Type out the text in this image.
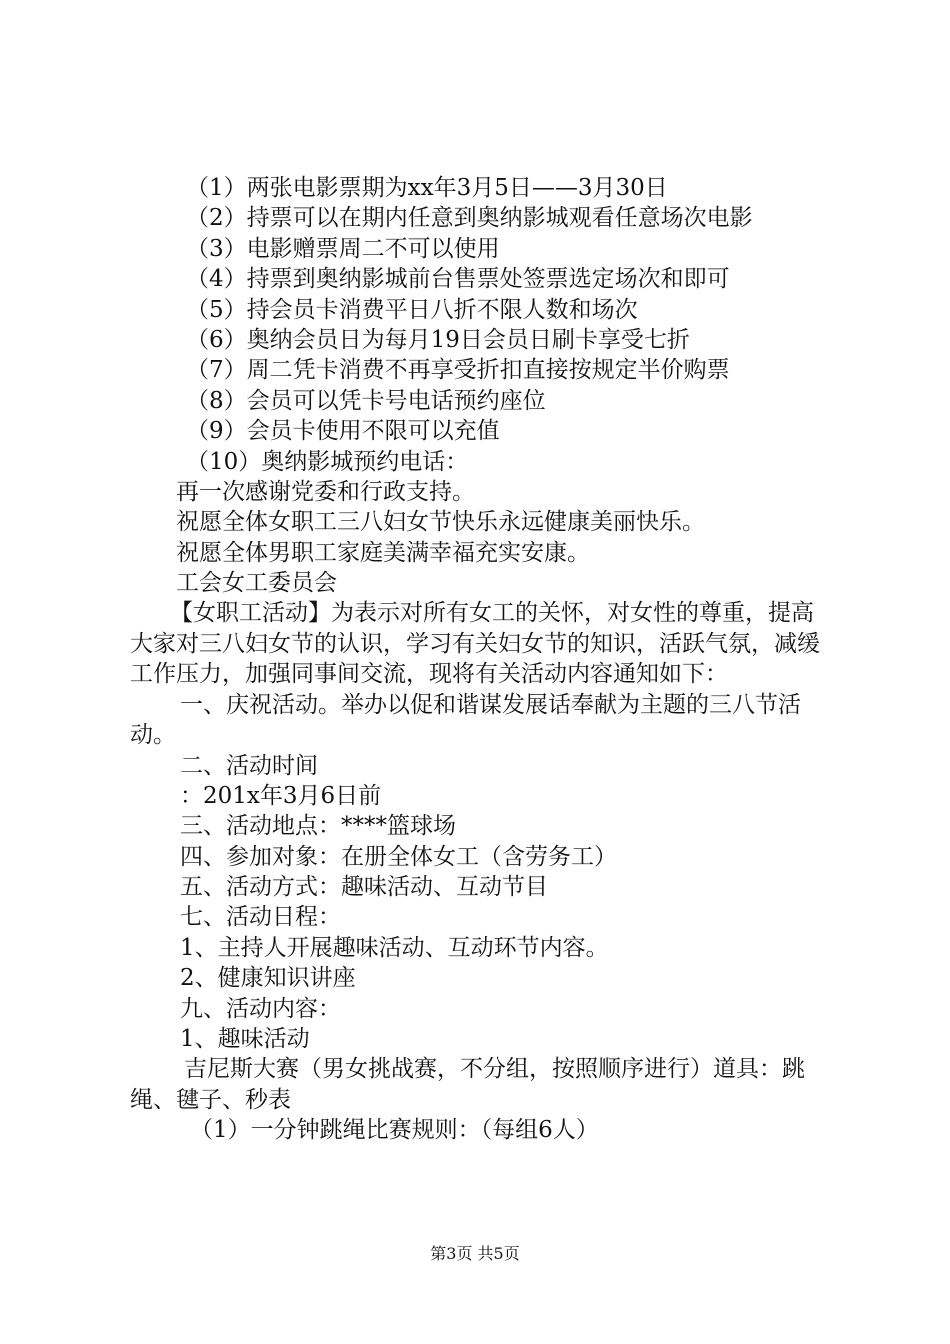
（1）两张电影票期为xx年3月5日——3月30日
（2）持票可以在期内任意到奥纳影城观看任意场次电影
（3）电影赠票周二不可以使用
（4）持票到奥纳影城前台售票处签票选定场次和即可
（5）持会员卡消费平日八折不限人数和场次
（6）奥纳会员日为每月19日会员日刷卡享受七折
（7）周二凭卡消费不再享受折扣直接按规定半价购票
（8）会员可以凭卡号电话预约座位
（9）会员卡使用不限可以充值
（10）奥纳影城预约电话：
再一次感谢党委和行政支持。
祝愿全体女职工三八妇女节快乐永远健康美丽快乐。
祝愿全体男职工家庭美满幸福充实安康。
工会女工委员会
【女职工活动】为表示对所有女工的关怀，对女性的尊重，提高大家对三八妇女节的认识，学习有关妇女节的知识，活跃气氛，减缓工作压力，加强同事间交流，现将有关活动内容通知如下：
一、庆祝活动。举办以促和谐谋发展话奉献为主题的三八节活动。
二、活动时间
：201x年3月6日前
三、活动地点：****篮球场
四、参加对象：在册全体女工（含劳务工）
五、活动方式：趣味活动、互动节目
七、活动日程：
1、主持人开展趣味活动、互动环节内容。
2、健康知识讲座
九、活动内容：
1、趣味活动
吉尼斯大赛（男女挑战赛，不分组，按照顺序进行）道具：跳绳、毽子、秒表
（1）一分钟跳绳比赛规则：（每组6人）
第3页 共5页
